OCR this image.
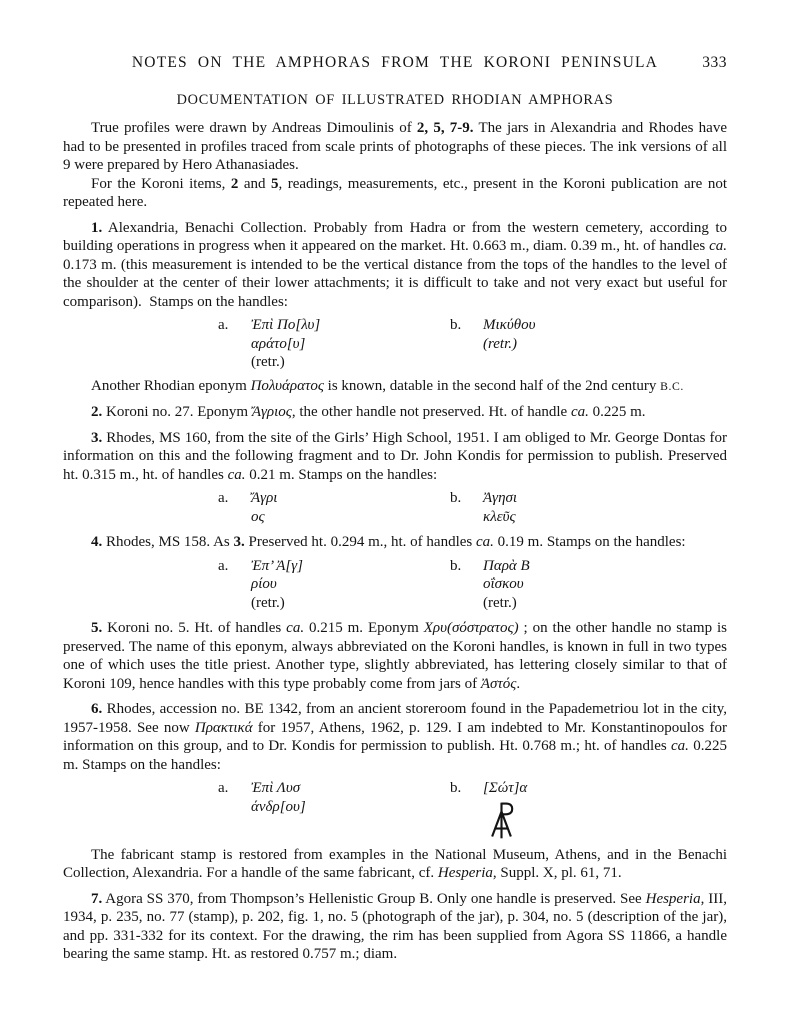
NOTES ON THE AMPHORAS FROM THE KORONI PENINSULA	333
DOCUMENTATION OF ILLUSTRATED RHODIAN AMPHORAS

True profiles were drawn by Andreas Dimoulinis of 2, 5, 7-9. The jars in Alexandria and Rhodes have had to be presented in profiles traced from scale prints of photographs of these pieces. The ink versions of all 9 were prepared by Hero Athanasiades.

For the Koroni items, 2 and 5, readings, measurements, etc., present in the Koroni publication are not repeated here.

1. Alexandria, Benachi Collection. Probably from Hadra or from the western cemetery, according to building operations in progress when it appeared on the market. Ht. 0.663 m., diam. 0.39 m., ht. of handles ca. 0.173 m. (this measurement is intended to be the vertical distance from the tops of the handles to the level of the shoulder at the center of their lower attachments; it is difficult to take and not very exact but useful for comparison).  Stamps on the handles:

a.	Ἐπὶ Πο[λυ]
αράτο[υ]
(retr.)
b.	Μικύθου
(retr.)

Another Rhodian eponym Πολυάρατος is known, datable in the second half of the 2nd century B.C.

2. Koroni no. 27. Eponym Ἄγριος, the other handle not preserved. Ht. of handle ca. 0.225 m.

3. Rhodes, MS 160, from the site of the Girls’ High School, 1951. I am obliged to Mr. George Dontas for information on this and the following fragment and to Dr. John Kondis for permission to publish. Preserved ht. 0.315 m., ht. of handles ca. 0.21 m. Stamps on the handles:

a.	Ἄγρι
ος
b.	Ἀγησι
κλεῦς

4. Rhodes, MS 158. As 3. Preserved ht. 0.294 m., ht. of handles ca. 0.19 m. Stamps on the handles:

a.	Ἐπ’ Ἀ[γ]
ρίου
(retr.)
b.	Παρὰ Β
οΐσκου
(retr.)

5. Koroni no. 5. Ht. of handles ca. 0.215 m. Eponym Χρυ(σόστρατος) ; on the other handle no stamp is preserved. The name of this eponym, always abbreviated on the Koroni handles, is known in full in two types one of which uses the title priest. Another type, slightly abbreviated, has lettering closely similar to that of Koroni 109, hence handles with this type probably come from jars of Ἀστός.

6. Rhodes, accession no. BE 1342, from an ancient storeroom found in the Papademetriou lot in the city, 1957-1958. See now Πρακτικά for 1957, Athens, 1962, p. 129. I am indebted to Mr. Konstantinopoulos for information on this group, and to Dr. Kondis for permission to publish. Ht. 0.768 m.; ht. of handles ca. 0.225 m. Stamps on the handles:

a.	Ἐπὶ Λυσ
άνδρ[ου]
b.	[Σώτ]α

The fabricant stamp is restored from examples in the National Museum, Athens, and in the Benachi Collection, Alexandria. For a handle of the same fabricant, cf. Hesperia, Suppl. X, pl. 61, 71.

7. Agora SS 370, from Thompson’s Hellenistic Group B. Only one handle is preserved. See Hesperia, III, 1934, p. 235, no. 77 (stamp), p. 202, fig. 1, no. 5 (photograph of the jar), p. 304, no. 5 (description of the jar), and pp. 331-332 for its context. For the drawing, the rim has been supplied from Agora SS 11866, a handle bearing the same stamp. Ht. as restored 0.757 m.; diam.
